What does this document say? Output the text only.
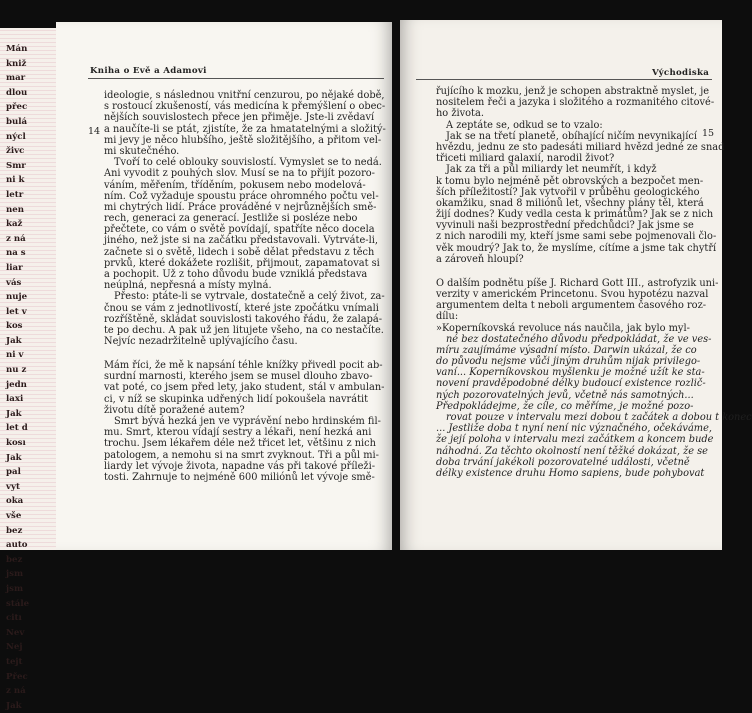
Mán
kniž
mar
dlou
přec
bulá
nýcl
živc
Smr
ni k
letr
nen
kaž
z ná
na s
liar
vás
nuje
let v
kos
Jak
ni v
nu z
jedn
laxi
Jak
let d
kosı
Jak
pal
vyt
oka
vše
bez
auto
bez
jsm
jsm
stále
citı
Nev
Nej
tejt
Přec
z ná
Jak
Kniha o Evě a Adamovi
14
ideologie, s následnou vnitřní cenzurou, po nějaké době,
s rostoucí zkušeností, vás medicína k přemýšlení o obec-
nějších souvislostech přece jen přiměje. Jste-li zvědaví
a naučíte-li se ptát, zjistíte, že za hmatatelnými a složitý-
mi jevy je něco hlubšího, ještě složitějšího, a přitom vel-
mi skutečného.
Tvoří to celé oblouky souvislostí. Vymyslet se to nedá.
Ani vyvodit z pouhých slov. Musí se na to přijít pozoro-
váním, měřením, tříděním, pokusem nebo modelová-
ním. Což vyžaduje spoustu práce ohromného počtu vel-
mi chytrých lidí. Práce prováděné v nejrůznějších smě-
rech, generaci za generací. Jestliže si posléze nebo
přečtete, co vám o světě povídají, spatříte něco docela
jiného, než jste si na začátku představovali. Vytrváte-li,
začnete si o světě, lidech i sobě dělat představu z těch
prvků, které dokážete rozlišit, přijmout, zapamatovat si
a pochopit. Už z toho důvodu bude vzniklá představa
neúplná, nepřesná a místy mylná.
Přesto: ptáte-li se vytrvale, dostatečně a celý život, za-
čnou se vám z jednotlivostí, které jste zpočátku vnímali
rozříštěně, skládat souvislosti takového řádu, že zalapá-
te po dechu. A pak už jen litujete všeho, na co nestačíte.
Nejvíc nezadržitelně uplývajícího času.
Mám říci, že mě k napsání téhle knížky přivedl pocit ab-
surdní marnosti, kterého jsem se musel dlouho zbavo-
vat poté, co jsem před lety, jako student, stál v ambulan-
ci, v níž se skupinka udřených lidí pokoušela navrátit
životu dítě poražené autem?
Smrt bývá hezká jen ve vyprávění nebo hrdinském fil-
mu. Smrt, kterou vídají sestry a lékaři, není hezká ani
trochu. Jsem lékařem déle než třicet let, většinu z nich
patologem, a nemohu si na smrt zvyknout. Tři a půl mi-
liardy let vývoje života, napadne vás při takové příleži-
tosti. Zahrnuje to nejméně 600 miliónů let vývoje smě-
Východiska
15
řujícího k mozku, jenž je schopen abstraktně myslet, je
nositelem řeči a jazyka i složitého a rozmanitého citové-
ho života.
A zeptáte se, odkud se to vzalo:
Jak se na třetí planetě, obíhající ničím nevynikající
hvězdu, jednu ze sto padesáti miliard hvězd jedné ze snad
třiceti miliard galaxií, narodil život?
Jak za tři a půl miliardy let neumřít, i když
k tomu bylo nejméně pět obrovských a bezpočet men-
ších příležitostí? Jak vytvořil v průběhu geologického
okamžiku, snad 8 miliónů let, všechny plány těl, která
žijí dodnes? Kudy vedla cesta k primátům? Jak se z nich
vyvinuli naši bezprostřední předchůdci? Jak jsme se
z nich narodili my, kteří jsme sami sebe pojmenovali člo-
věk moudrý? Jak to, že myslíme, cítíme a jsme tak chytří
a zároveň hloupí?
O dalším podnětu píše J. Richard Gott III., astrofyzik uni-
verzity v americkém Princetonu. Svou hypotézu nazval
argumentem delta t neboli argumentem časového roz-
dílu:
»Koperníkovská revoluce nás naučila, jak bylo myl-
né bez dostatečného důvodu předpokládat, že ve ves-
míru zaujímáme výsadní místo. Darwin ukázal, že co
do původu nejsme vůči jiným druhům nijak privilego-
vaní... Koperníkovskou myšlenku je možné užít ke sta-
novení pravděpodobné délky budoucí existence rozlič-
ných pozorovatelných jevů, včetně nás samotných...
Předpokládejme, že cíle, co měříme, je možné pozo-
rovat pouze v intervalu mezi dobou t začátek a dobou t konec
... Jestliže doba t nyní není nic význačného, očekáváme,
že její poloha v intervalu mezi začátkem a koncem bude
náhodná. Za těchto okolností není těžké dokázat, že se
doba trvání jakékoli pozorovatelné události, včetně
délky existence druhu Homo sapiens, bude pohybovat
